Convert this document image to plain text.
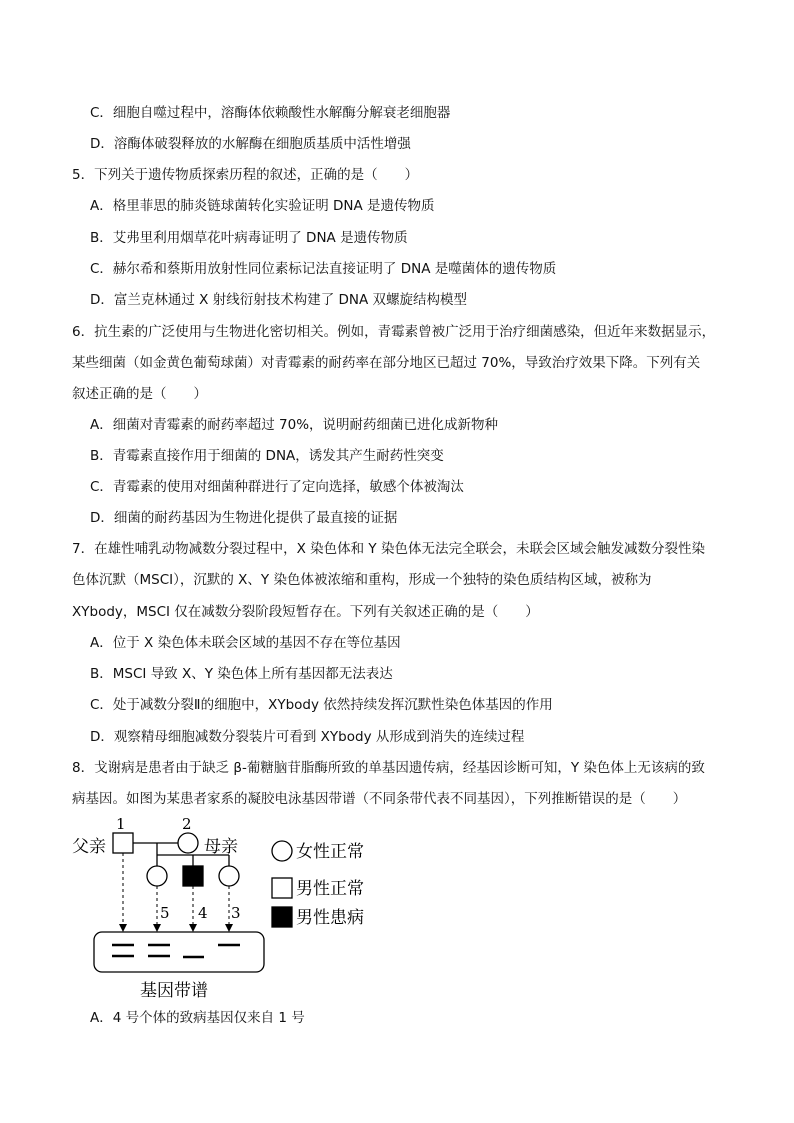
C．细胞自噬过程中，溶酶体依赖酸性水解酶分解衰老细胞器
D．溶酶体破裂释放的水解酶在细胞质基质中活性增强
5．下列关于遗传物质探索历程的叙述，正确的是（　　）
A．格里菲思的肺炎链球菌转化实验证明 DNA 是遗传物质
B．艾弗里利用烟草花叶病毒证明了 DNA 是遗传物质
C．赫尔希和蔡斯用放射性同位素标记法直接证明了 DNA 是噬菌体的遗传物质
D．富兰克林通过 X 射线衍射技术构建了 DNA 双螺旋结构模型
6．抗生素的广泛使用与生物进化密切相关。例如，青霉素曾被广泛用于治疗细菌感染，但近年来数据显示，
某些细菌（如金黄色葡萄球菌）对青霉素的耐药率在部分地区已超过 70%，导致治疗效果下降。下列有关
叙述正确的是（　　）
A．细菌对青霉素的耐药率超过 70%，说明耐药细菌已进化成新物种
B．青霉素直接作用于细菌的 DNA，诱发其产生耐药性突变
C．青霉素的使用对细菌种群进行了定向选择，敏感个体被淘汰
D．细菌的耐药基因为生物进化提供了最直接的证据
7．在雄性哺乳动物减数分裂过程中，X 染色体和 Y 染色体无法完全联会，未联会区域会触发减数分裂性染
色体沉默（MSCI），沉默的 X、Y 染色体被浓缩和重构，形成一个独特的染色质结构区域，被称为
XYbody，MSCI 仅在减数分裂阶段短暂存在。下列有关叙述正确的是（　　）
A．位于 X 染色体未联会区域的基因不存在等位基因
B．MSCI 导致 X、Y 染色体上所有基因都无法表达
C．处于减数分裂Ⅱ的细胞中，XYbody 依然持续发挥沉默性染色体基因的作用
D．观察精母细胞减数分裂装片可看到 XYbody 从形成到消失的连续过程
8．戈谢病是患者由于缺乏 β-葡糖脑苷脂酶所致的单基因遗传病，经基因诊断可知，Y 染色体上无该病的致
病基因。如图为某患者家系的凝胶电泳基因带谱（不同条带代表不同基因），下列推断错误的是（　　）
父亲	母亲
1	2
5 4 3
基因带谱
女性正常
男性正常
男性患病
A．4 号个体的致病基因仅来自 1 号
